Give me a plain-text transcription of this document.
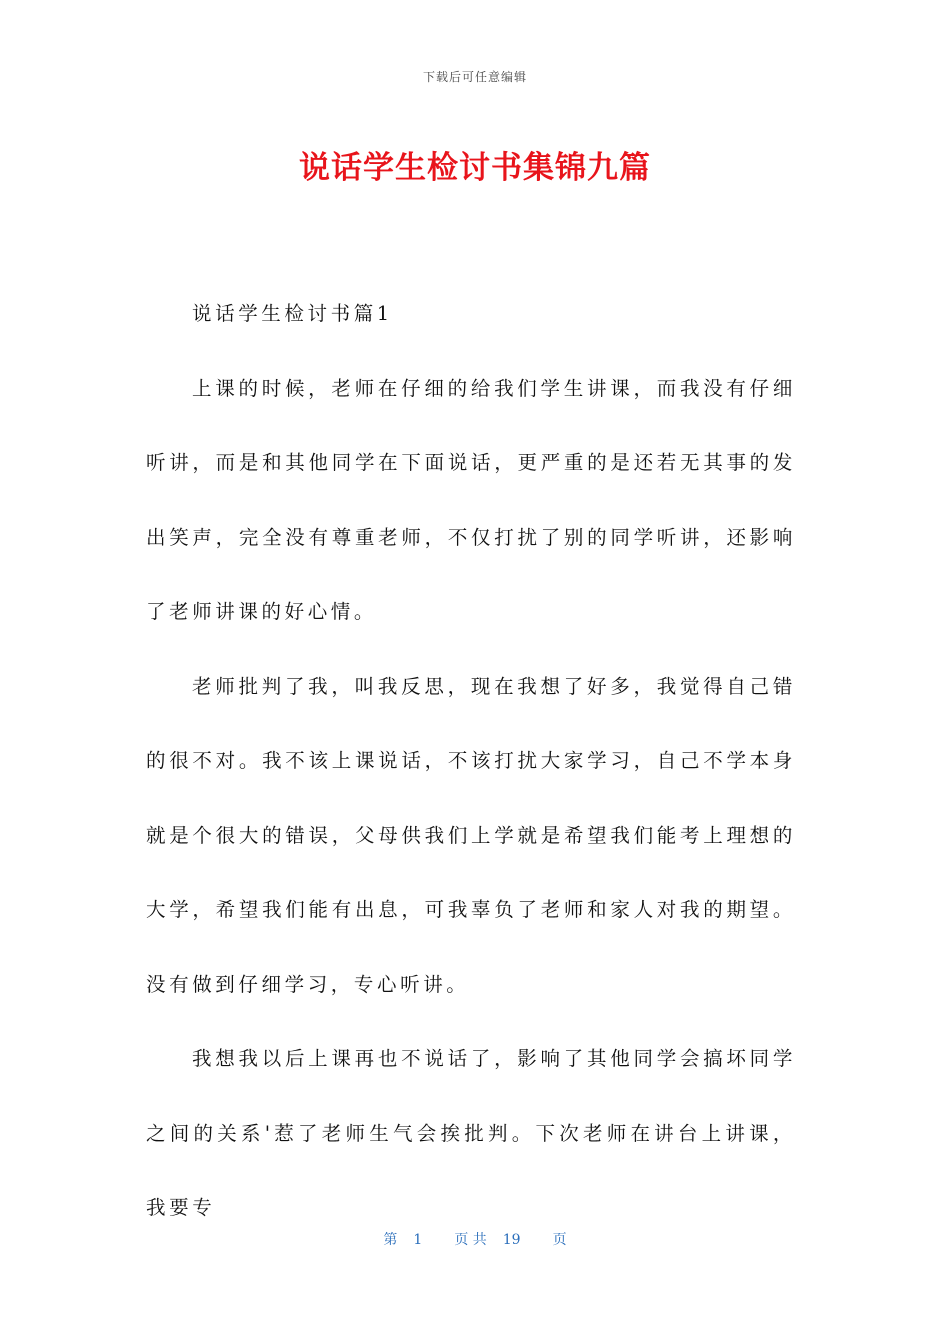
下载后可任意编辑
说话学生检讨书集锦九篇

说话学生检讨书篇1

上课的时候，老师在仔细的给我们学生讲课，而我没有仔细听讲，而是和其他同学在下面说话，更严重的是还若无其事的发出笑声，完全没有尊重老师，不仅打扰了别的同学听讲，还影响了老师讲课的好心情。

老师批判了我，叫我反思，现在我想了好多，我觉得自己错的很不对。我不该上课说话，不该打扰大家学习，自己不学本身就是个很大的错误，父母供我们上学就是希望我们能考上理想的大学，希望我们能有出息，可我辜负了老师和家人对我的期望。没有做到仔细学习，专心听讲。

我想我以后上课再也不说话了，影响了其他同学会搞坏同学之间的关系'惹了老师生气会挨批判。下次老师在讲台上讲课，我要专

第 1 页 共 19 页
